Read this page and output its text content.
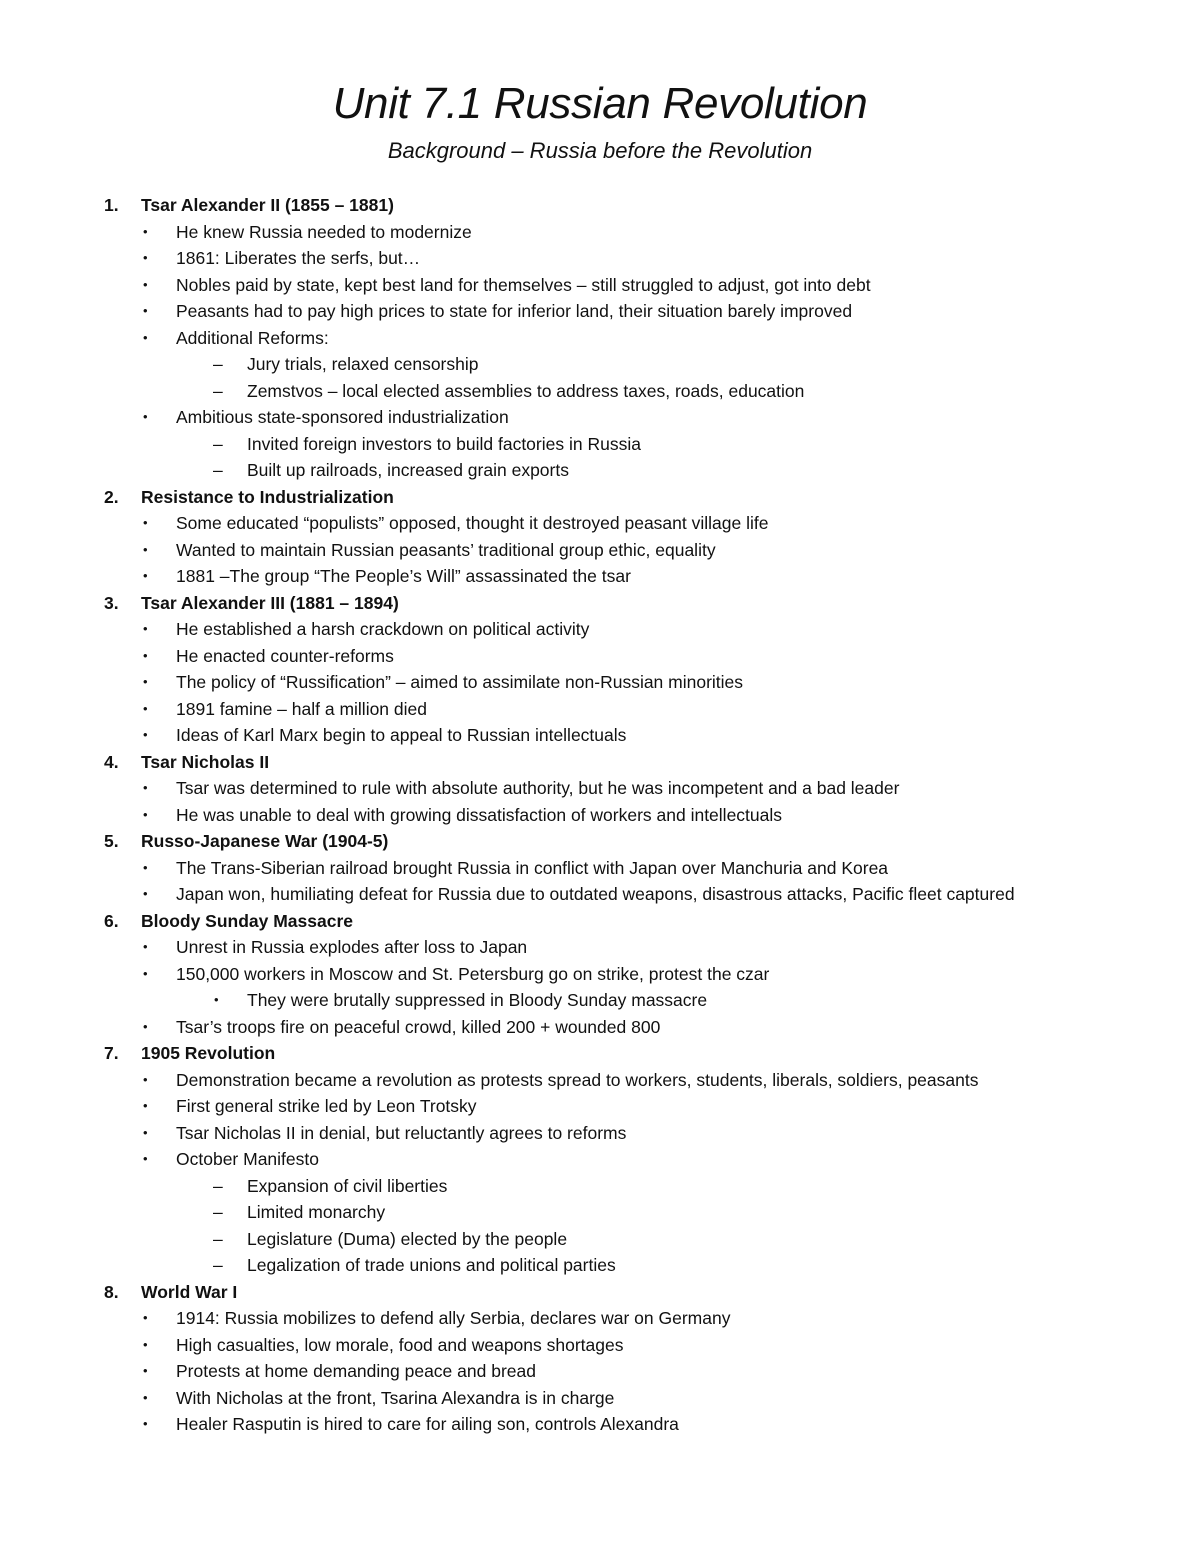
Unit 7.1 Russian Revolution
Background – Russia before the Revolution
1. Tsar Alexander II (1855 – 1881)
• He knew Russia needed to modernize
• 1861: Liberates the serfs, but…
• Nobles paid by state, kept best land for themselves – still struggled to adjust, got into debt
• Peasants had to pay high prices to state for inferior land, their situation barely improved
• Additional Reforms:
– Jury trials, relaxed censorship
– Zemstvos – local elected assemblies to address taxes, roads, education
• Ambitious state-sponsored industrialization
– Invited foreign investors to build factories in Russia
– Built up railroads, increased grain exports
2. Resistance to Industrialization
• Some educated “populists” opposed, thought it destroyed peasant village life
• Wanted to maintain Russian peasants’ traditional group ethic, equality
• 1881 –The group “The People’s Will” assassinated the tsar
3. Tsar Alexander III (1881 – 1894)
• He established a harsh crackdown on political activity
• He enacted counter-reforms
• The policy of “Russification” – aimed to assimilate non-Russian minorities
• 1891 famine – half a million died
• Ideas of Karl Marx begin to appeal to Russian intellectuals
4. Tsar Nicholas II
• Tsar was determined to rule with absolute authority, but he was incompetent and a bad leader
• He was unable to deal with growing dissatisfaction of workers and intellectuals
5. Russo-Japanese War (1904-5)
• The Trans-Siberian railroad brought Russia in conflict with Japan over Manchuria and Korea
• Japan won, humiliating defeat for Russia due to outdated weapons, disastrous attacks, Pacific fleet captured
6. Bloody Sunday Massacre
• Unrest in Russia explodes after loss to Japan
• 150,000 workers in Moscow and St. Petersburg go on strike, protest the czar
• They were brutally suppressed in Bloody Sunday massacre
• Tsar’s troops fire on peaceful crowd, killed 200 + wounded 800
7. 1905 Revolution
• Demonstration became a revolution as protests spread to workers, students, liberals, soldiers, peasants
• First general strike led by Leon Trotsky
• Tsar Nicholas II in denial, but reluctantly agrees to reforms
• October Manifesto
– Expansion of civil liberties
– Limited monarchy
– Legislature (Duma) elected by the people
– Legalization of trade unions and political parties
8. World War I
• 1914: Russia mobilizes to defend ally Serbia, declares war on Germany
• High casualties, low morale, food and weapons shortages
• Protests at home demanding peace and bread
• With Nicholas at the front, Tsarina Alexandra is in charge
• Healer Rasputin is hired to care for ailing son, controls Alexandra
